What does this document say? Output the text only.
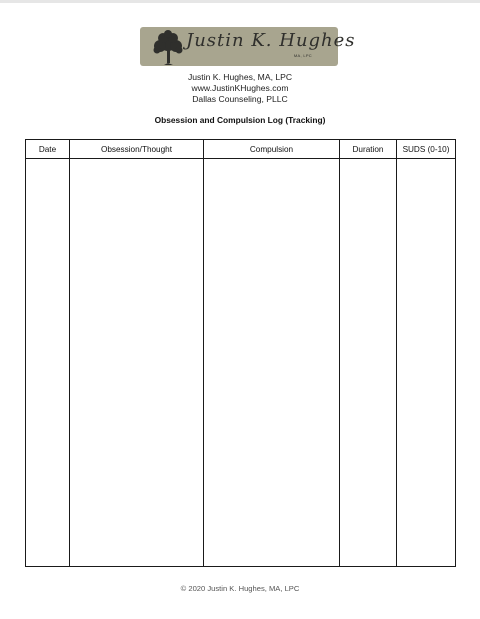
Justin K. Hughes
MA, LPC
Justin K. Hughes, MA, LPC
www.JustinKHughes.com
Dallas Counseling, PLLC
Obsession and Compulsion Log (Tracking)
Date	Obsession/Thought	Compulsion	Duration	SUDS (0-10)

© 2020 Justin K. Hughes, MA, LPC
